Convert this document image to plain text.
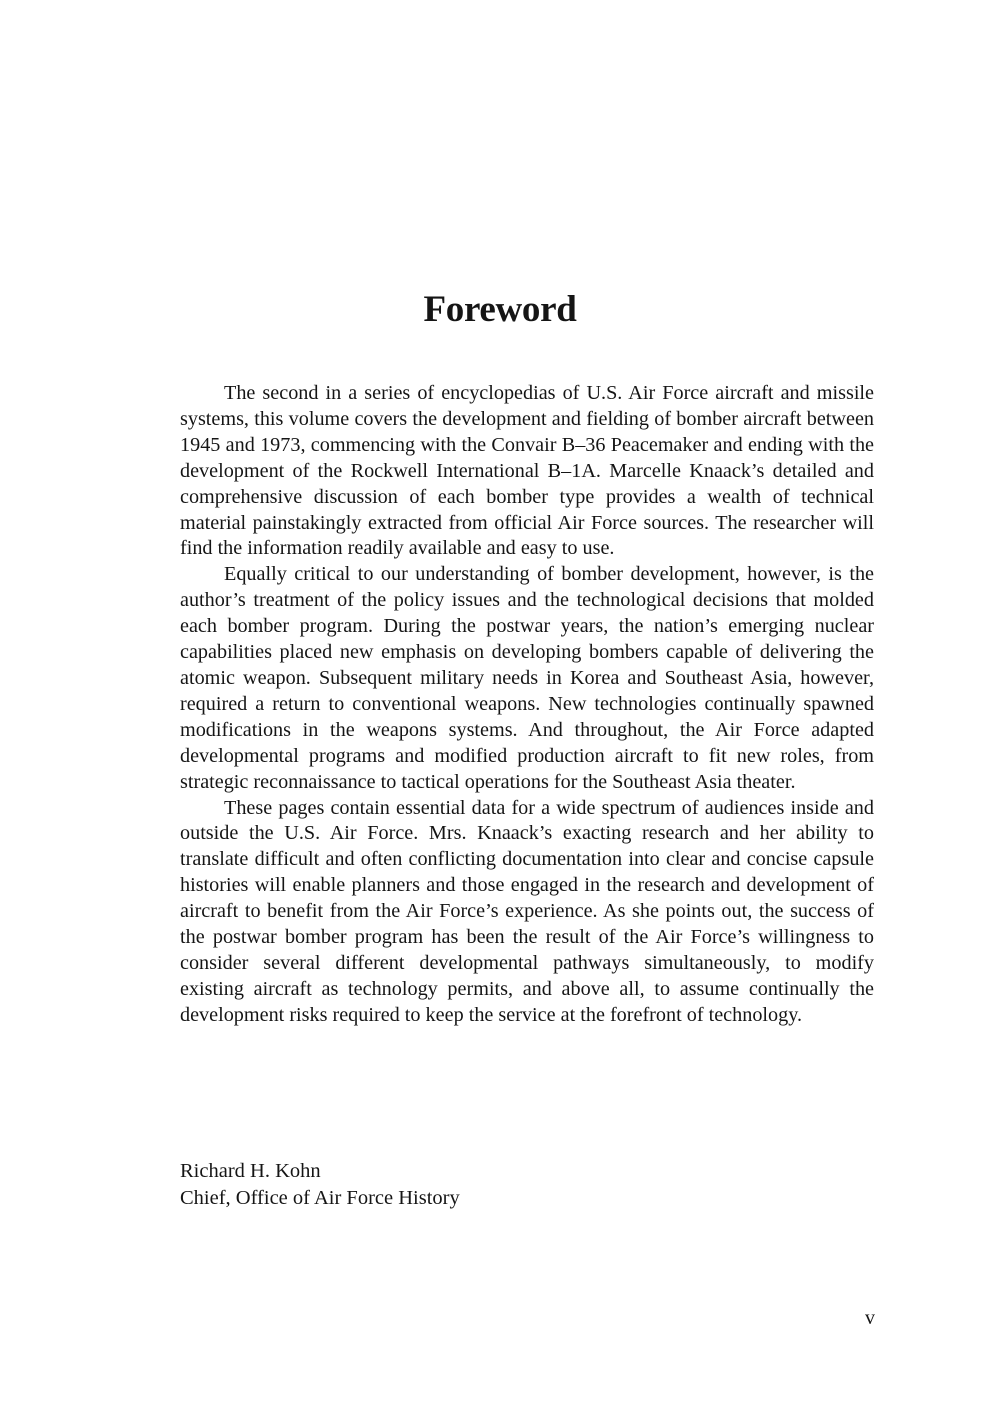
Foreword

The second in a series of encyclopedias of U.S. Air Force aircraft and missile systems, this volume covers the development and fielding of bomber aircraft between 1945 and 1973, commencing with the Convair B–36 Peacemaker and ending with the development of the Rockwell International B–1A. Marcelle Knaack’s detailed and comprehensive discussion of each bomber type provides a wealth of technical material painstakingly extracted from official Air Force sources. The researcher will find the information readily available and easy to use.

Equally critical to our understanding of bomber development, however, is the author’s treatment of the policy issues and the technological decisions that molded each bomber program. During the postwar years, the nation’s emerging nuclear capabilities placed new emphasis on developing bombers capable of delivering the atomic weapon. Subsequent military needs in Korea and Southeast Asia, however, required a return to conventional weapons. New technologies continually spawned modifications in the weapons systems. And throughout, the Air Force adapted developmental programs and modified production aircraft to fit new roles, from strategic reconnaissance to tactical operations for the Southeast Asia theater.

These pages contain essential data for a wide spectrum of audiences inside and outside the U.S. Air Force. Mrs. Knaack’s exacting research and her ability to translate difficult and often conflicting documentation into clear and concise capsule histories will enable planners and those engaged in the research and development of aircraft to benefit from the Air Force’s experience. As she points out, the success of the postwar bomber program has been the result of the Air Force’s willingness to consider several different developmental pathways simultaneously, to modify existing aircraft as technology permits, and above all, to assume continually the development risks required to keep the service at the forefront of technology.

Richard H. Kohn
Chief, Office of Air Force History
v
